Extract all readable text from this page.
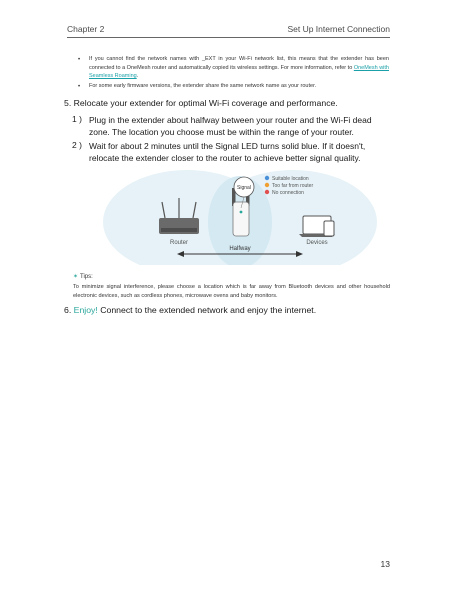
Chapter 2	Set Up Internet Connection
• If you cannot find the network names with _EXT in your Wi-Fi network list, this means that the extender has been connected to a OneMesh router and automatically copied its wireless settings. For more information, refer to OneMesh with Seamless Roaming.
• For some early firmware versions, the extender share the same network name as your router.
5. Relocate your extender for optimal Wi-Fi coverage and performance.
1 ) Plug in the extender about halfway between your router and the Wi-Fi dead zone. The location you choose must be within the range of your router.
2 ) Wait for about 2 minutes until the Signal LED turns solid blue. If it doesn't, relocate the extender closer to the router to achieve better signal quality.
Router
Signal
Suitable location
Too far from router
No connection
Devices
Halfway
✶ Tips:
To minimize signal interference, please choose a location which is far away from Bluetooth devices and other household electronic devices, such as cordless phones, microwave ovens and baby monitors.
6. Enjoy! Connect to the extended network and enjoy the internet.
13
